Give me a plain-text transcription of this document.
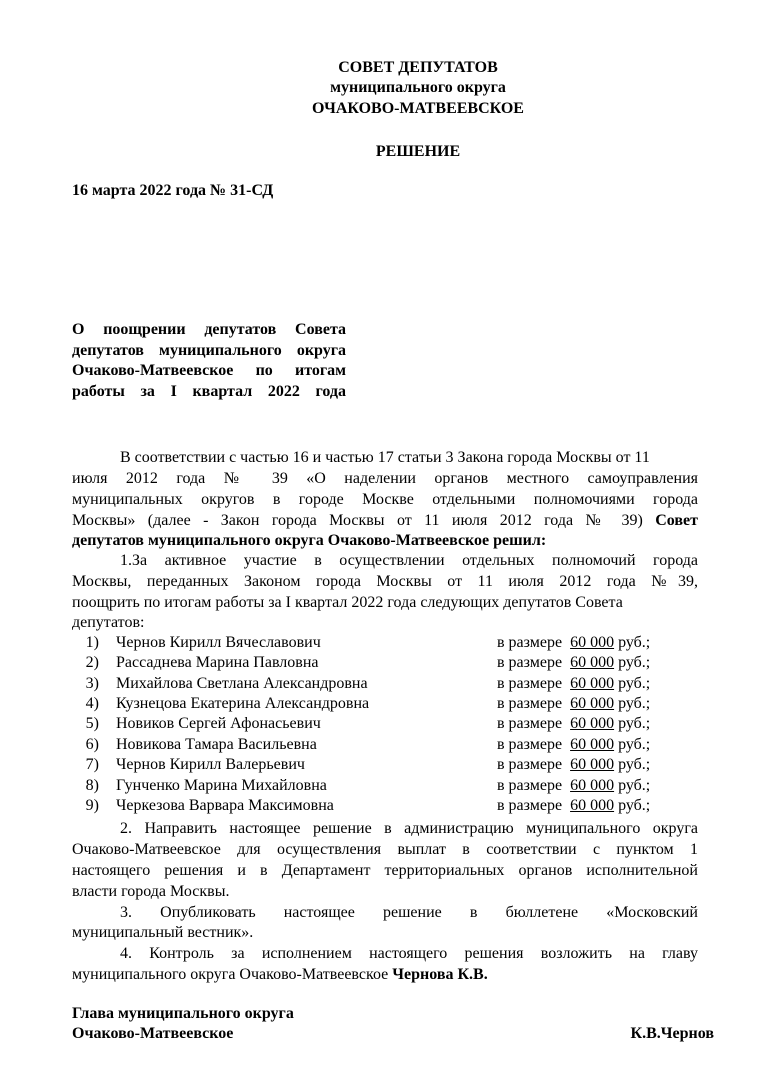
СОВЕТ ДЕПУТАТОВ
муниципального округа
ОЧАКОВО-МАТВЕЕВСКОЕ
РЕШЕНИЕ
16 марта 2022 года № 31-СД
О поощрении депутатов Совета депутатов муниципального округа Очаково-Матвеевское по итогам работы за I квартал 2022 года
В соответствии с частью 16 и частью 17 статьи 3 Закона города Москвы от 11
июля 2012 года № 39 «О наделении органов местного самоуправления
муниципальных округов в городе Москве отдельными полномочиями города
Москвы» (далее - Закон города Москвы от 11 июля 2012 года № 39) Совет
депутатов муниципального округа Очаково-Матвеевское решил:
1.За активное участие в осуществлении отдельных полномочий города
Москвы, переданных Законом города Москвы от 11 июля 2012 года №39,
поощрить по итогам работы за I квартал 2022 года следующих депутатов Совета
депутатов:
1) Чернов Кирилл Вячеславович	в размере 60 000 руб.;
2) Рассаднева Марина Павловна	в размере 60 000 руб.;
3) Михайлова Светлана Александровна	в размере 60 000 руб.;
4) Кузнецова Екатерина Александровна	в размере 60 000 руб.;
5) Новиков Сергей Афонасьевич	в размере 60 000 руб.;
6) Новикова Тамара Васильевна	в размере 60 000 руб.;
7) Чернов Кирилл Валерьевич	в размере 60 000 руб.;
8) Гунченко Марина Михайловна	в размере 60 000 руб.;
9) Черкезова Варвара Максимовна	в размере 60 000 руб.;
2. Направить настоящее решение в администрацию муниципального округа
Очаково-Матвеевское для осуществления выплат в соответствии с пунктом 1
настоящего решения и в Департамент территориальных органов исполнительной
власти города Москвы.
3. Опубликовать настоящее решение в бюллетене «Московский
муниципальный вестник».
4. Контроль за исполнением настоящего решения возложить на главу
муниципального округа Очаково-Матвеевское Чернова К.В.
Глава муниципального округа
Очаково-Матвеевское	К.В.Чернов
